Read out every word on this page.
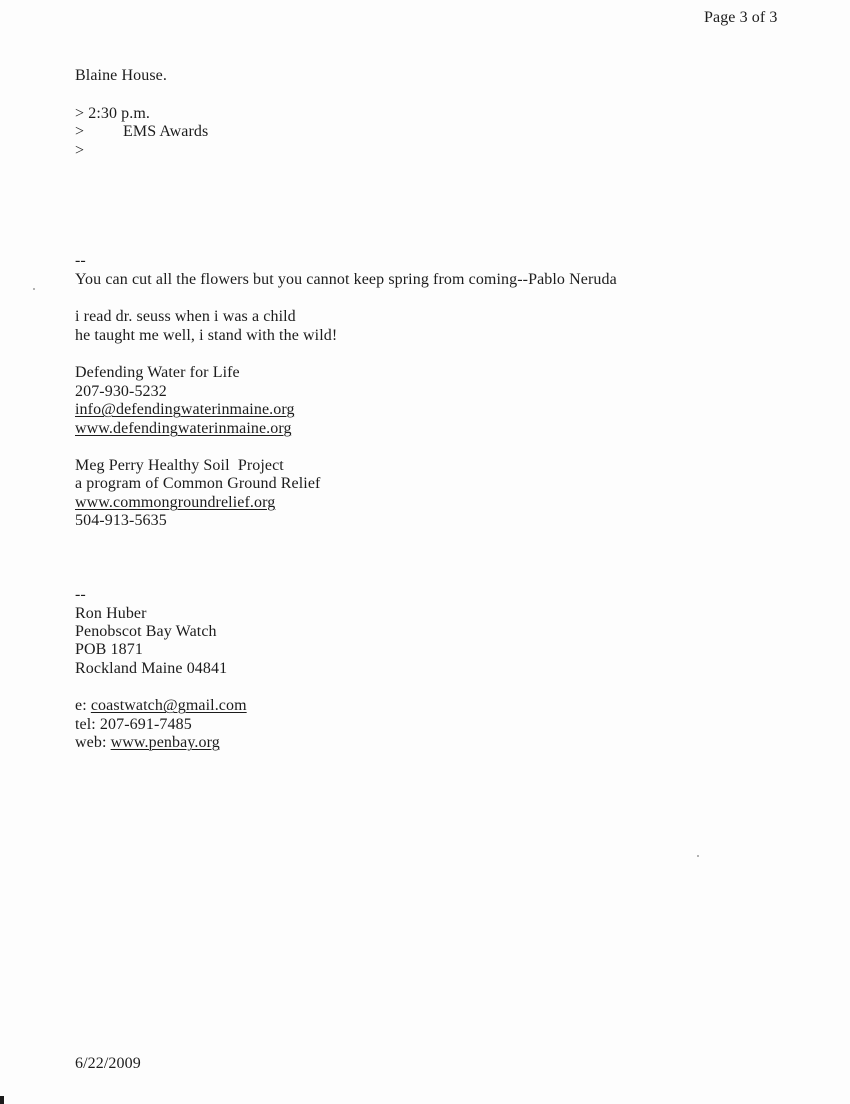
Page 3 of 3
Blaine House.
> 2:30 p.m.
> EMS Awards
>
--
You can cut all the flowers but you cannot keep spring from coming--Pablo Neruda
i read dr. seuss when i was a child
he taught me well, i stand with the wild!
Defending Water for Life
207-930-5232
info@defendingwaterinmaine.org
www.defendingwaterinmaine.org
Meg Perry Healthy Soil  Project
a program of Common Ground Relief
www.commongroundrelief.org
504-913-5635
--
Ron Huber
Penobscot Bay Watch
POB 1871
Rockland Maine 04841
e: coastwatch@gmail.com
tel: 207-691-7485
web: www.penbay.org
6/22/2009
